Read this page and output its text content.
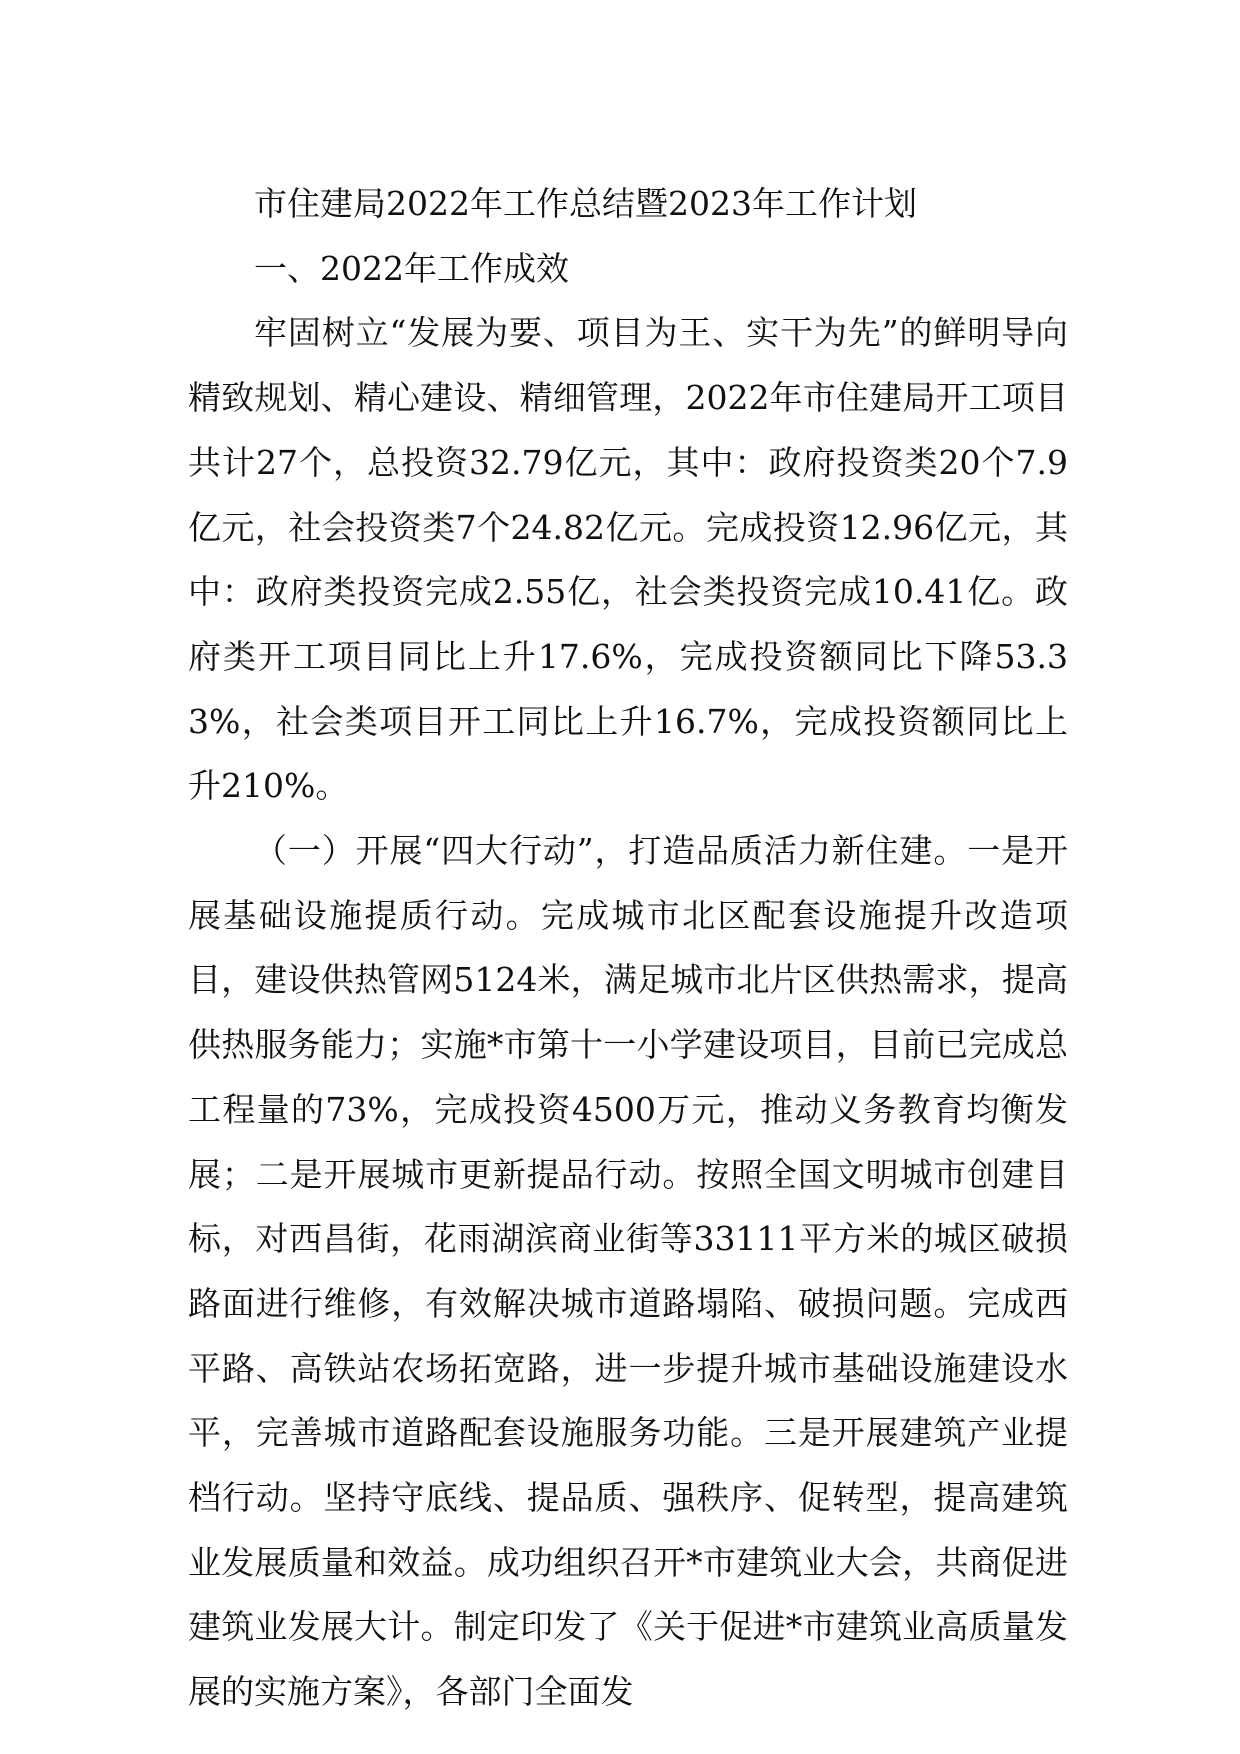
市住建局2022年工作总结暨2023年工作计划

一、2022年工作成效

牢固树立“发展为要、项目为王、实干为先”的鲜明导向精致规划、精心建设、精细管理，2022年市住建局开工项目共计27个，总投资32.79亿元，其中：政府投资类20个7.9亿元，社会投资类7个24.82亿元。完成投资12.96亿元，其中：政府类投资完成2.55亿，社会类投资完成10.41亿。政府类开工项目同比上升17.6%，完成投资额同比下降53.33%，社会类项目开工同比上升16.7%，完成投资额同比上升210%。

（一）开展“四大行动”，打造品质活力新住建。一是开展基础设施提质行动。完成城市北区配套设施提升改造项目，建设供热管网5124米，满足城市北片区供热需求，提高供热服务能力；实施*市第十一小学建设项目，目前已完成总工程量的73%，完成投资4500万元，推动义务教育均衡发展；二是开展城市更新提品行动。按照全国文明城市创建目标，对西昌街，花雨湖滨商业街等33111平方米的城区破损路面进行维修，有效解决城市道路塌陷、破损问题。完成西平路、高铁站农场拓宽路，进一步提升城市基础设施建设水平，完善城市道路配套设施服务功能。三是开展建筑产业提档行动。坚持守底线、提品质、强秩序、促转型，提高建筑业发展质量和效益。成功组织召开*市建筑业大会，共商促进建筑业发展大计。制定印发了《关于促进*市建筑业高质量发展的实施方案》，各部门全面发
